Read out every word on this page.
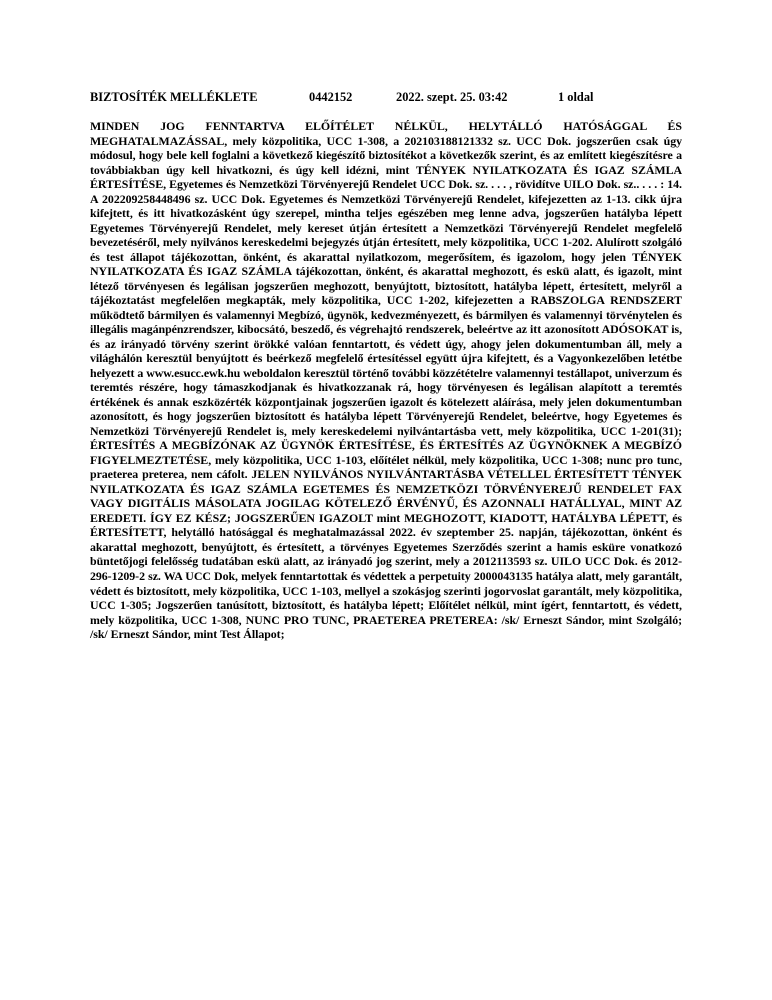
BIZTOSÍTÉK MELLÉKLETE	0442152	2022. szept. 25. 03:42	1 oldal
MINDEN JOG FENNTARTVA ELŐÍTÉLET NÉLKÜL, HELYTÁLLÓ HATÓSÁGGAL ÉS MEGHATALMAZÁSSAL, mely közpolitika, UCC 1-308, a 202103188121332 sz. UCC Dok. jogszerűen csak úgy módosul, hogy bele kell foglalni a következő kiegészítő biztosítékot a következők szerint, és az említett kiegészítésre a továbbiakban úgy kell hivatkozni, és úgy kell idézni, mint TÉNYEK NYILATKOZATA ÉS IGAZ SZÁMLA ÉRTESÍTÉSE, Egyetemes és Nemzetközi Törvényerejű Rendelet UCC Dok. sz. . . . , rövidítve UILO Dok. sz.. . . . : 14. A 202209258448496 sz. UCC Dok. Egyetemes és Nemzetközi Törvényerejű Rendelet, kifejezetten az 1-13. cikk újra kifejtett, és itt hivatkozásként úgy szerepel, mintha teljes egészében meg lenne adva, jogszerűen hatályba lépett Egyetemes Törvényerejű Rendelet, mely kereset útján értesített a Nemzetközi Törvényerejű Rendelet megfelelő bevezetéséről, mely nyilvános kereskedelmi bejegyzés útján értesített, mely közpolitika, UCC 1-202. Alulírott szolgáló és test állapot tájékozottan, önként, és akarattal nyilatkozom, megerősítem, és igazolom, hogy jelen TÉNYEK NYILATKOZATA ÉS IGAZ SZÁMLA tájékozottan, önként, és akarattal meghozott, és eskü alatt, és igazolt, mint létező törvényesen és legálisan jogszerűen meghozott, benyújtott, biztosított, hatályba lépett, értesített, melyről a tájékoztatást megfelelően megkapták, mely közpolitika, UCC 1-202, kifejezetten a RABSZOLGA RENDSZERT működtető bármilyen és valamennyi Megbízó, ügynök, kedvezményezett, és bármilyen és valamennyi törvénytelen és illegális magánpénzrendszer, kibocsátó, beszedő, és végrehajtó rendszerek, beleértve az itt azonosított ADÓSOKAT is, és az irányadó törvény szerint örökké valóan fenntartott, és védett úgy, ahogy jelen dokumentumban áll, mely a világhálón keresztül benyújtott és beérkező megfelelő értesítéssel együtt újra kifejtett, és a Vagyonkezelőben letétbe helyezett a www.esucc.ewk.hu weboldalon keresztül történő további közzétételre valamennyi testállapot, univerzum és teremtés részére, hogy támaszkodjanak és hivatkozzanak rá, hogy törvényesen és legálisan alapított a teremtés értékének és annak eszközérték központjainak jogszerűen igazolt és kötelezett aláírása, mely jelen dokumentumban azonosított, és hogy jogszerűen biztosított és hatályba lépett Törvényerejű Rendelet, beleértve, hogy Egyetemes és Nemzetközi Törvényerejű Rendelet is, mely kereskedelemi nyilvántartásba vett, mely közpolitika, UCC 1-201(31); ÉRTESÍTÉS A MEGBÍZÓNAK AZ ÜGYNÖK ÉRTESÍTÉSE, ÉS ÉRTESÍTÉS AZ ÜGYNÖKNEK A MEGBÍZÓ FIGYELMEZTETÉSE, mely közpolitika, UCC 1-103, előítélet nélkül, mely közpolitika, UCC 1-308; nunc pro tunc, praeterea preterea, nem cáfolt. JELEN NYILVÁNOS NYILVÁNTARTÁSBA VÉTELLEL ÉRTESÍTETT TÉNYEK NYILATKOZATA ÉS IGAZ SZÁMLA EGETEMES ÉS NEMZETKÖZI TÖRVÉNYEREJŰ RENDELET FAX VAGY DIGITÁLIS MÁSOLATA JOGILAG KÖTELEZŐ ÉRVÉNYŰ, ÉS AZONNALI HATÁLLYAL, MINT AZ EREDETI. ÍGY EZ KÉSZ; JOGSZERŰEN IGAZOLT mint MEGHOZOTT, KIADOTT, HATÁLYBA LÉPETT, és ÉRTESÍTETT, helytálló hatósággal és meghatalmazással 2022. év szeptember 25. napján, tájékozottan, önként és akarattal meghozott, benyújtott, és értesített, a törvényes Egyetemes Szerződés szerint a hamis esküre vonatkozó büntetőjogi felelősség tudatában eskü alatt, az irányadó jog szerint, mely a 2012113593 sz. UILO UCC Dok. és 2012-296-1209-2 sz. WA UCC Dok, melyek fenntartottak és védettek a perpetuity 2000043135 hatálya alatt, mely garantált, védett és biztosított, mely közpolitika, UCC 1-103, mellyel a szokásjog szerinti jogorvoslat garantált, mely közpolitika, UCC 1-305; Jogszerűen tanúsított, biztosított, és hatályba lépett; Előítélet nélkül, mint ígért, fenntartott, és védett, mely közpolitika, UCC 1-308, NUNC PRO TUNC, PRAETEREA PRETEREA: /sk/ Erneszt Sándor, mint Szolgáló; /sk/ Erneszt Sándor, mint Test Állapot;
